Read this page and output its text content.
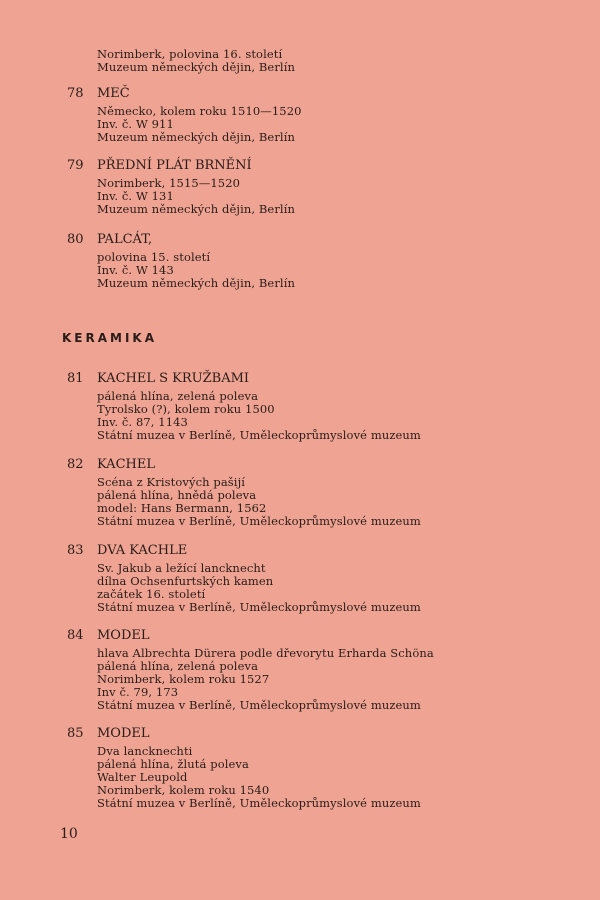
Norimberk, polovina 16. století
Muzeum německých dějin, Berlín
78	MEČ
Německo, kolem roku 1510—1520
Inv. č. W 911
Muzeum německých dějin, Berlín
79	PŘEDNÍ PLÁT BRNĚNÍ
Norimberk, 1515—1520
Inv. č. W 131
Muzeum německých dějin, Berlín
80	PALCÁT,
polovina 15. století
Inv. č. W 143
Muzeum německých dějin, Berlín
KERAMIKA
81	KACHEL S KRUŽBAMI
pálená hlína, zelená poleva
Tyrolsko (?), kolem roku 1500
Inv. č. 87, 1143
Státní muzea v Berlíně, Uměleckoprůmyslové muzeum
82	KACHEL
Scéna z Kristových pašijí
pálená hlína, hnědá poleva
model: Hans Bermann, 1562
Státní muzea v Berlíně, Uměleckoprůmyslové muzeum
83	DVA KACHLE
Sv. Jakub a ležící lancknecht
dílna Ochsenfurtských kamen
začátek 16. století
Státní muzea v Berlíně, Uměleckoprůmyslové muzeum
84	MODEL
hlava Albrechta Dürera podle dřevorytu Erharda Schöna
pálená hlína, zelená poleva
Norimberk, kolem roku 1527
Inv č. 79, 173
Státní muzea v Berlíně, Uměleckoprůmyslové muzeum
85	MODEL
Dva lancknechti
pálená hlína, žlutá poleva
Walter Leupold
Norimberk, kolem roku 1540
Státní muzea v Berlíně, Uměleckoprůmyslové muzeum
10
